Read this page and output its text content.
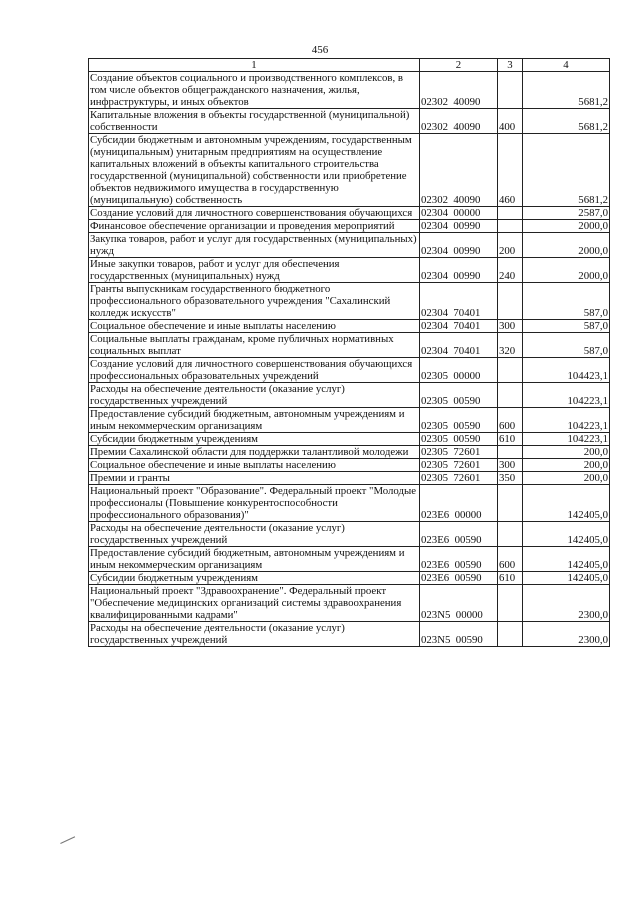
456
1	2	3	4
Создание объектов социального и производственного комплексов, в том числе объектов общегражданского назначения, жилья, инфраструктуры, и иных объектов	02302  40090		5681,2
Капитальные вложения в объекты государственной (муниципальной) собственности	02302  40090	400	5681,2
Субсидии бюджетным и автономным учреждениям, государственным (муниципальным) унитарным предприятиям на осуществление капитальных вложений в объекты капитального строительства государственной (муниципальной) собственности или приобретение объектов недвижимого имущества в государственную (муниципальную) собственность	02302  40090	460	5681,2
Создание условий для личностного совершенствования обучающихся	02304  00000		2587,0
Финансовое обеспечение организации и проведения мероприятий	02304  00990		2000,0
Закупка товаров, работ и услуг для государственных (муниципальных) нужд	02304  00990	200	2000,0
Иные закупки товаров, работ и услуг для обеспечения государственных (муниципальных) нужд	02304  00990	240	2000,0
Гранты выпускникам государственного бюджетного профессионального образовательного учреждения "Сахалинский колледж искусств"	02304  70401		587,0
Социальное обеспечение и иные выплаты населению	02304  70401	300	587,0
Социальные выплаты гражданам, кроме публичных нормативных социальных выплат	02304  70401	320	587,0
Создание условий для личностного совершенствования обучающихся профессиональных образовательных учреждений	02305  00000		104423,1
Расходы на обеспечение деятельности (оказание услуг) государственных учреждений	02305  00590		104223,1
Предоставление субсидий бюджетным, автономным учреждениям и иным некоммерческим организациям	02305  00590	600	104223,1
Субсидии бюджетным учреждениям	02305  00590	610	104223,1
Премии Сахалинской области для поддержки талантливой молодежи	02305  72601		200,0
Социальное обеспечение и иные выплаты населению	02305  72601	300	200,0
Премии и гранты	02305  72601	350	200,0
Национальный проект "Образование". Федеральный проект "Молодые профессионалы (Повышение конкурентоспособности профессионального образования)"	023E6  00000		142405,0
Расходы на обеспечение деятельности (оказание услуг) государственных учреждений	023E6  00590		142405,0
Предоставление субсидий бюджетным, автономным учреждениям и иным некоммерческим организациям	023E6  00590	600	142405,0
Субсидии бюджетным учреждениям	023E6  00590	610	142405,0
Национальный проект "Здравоохранение". Федеральный проект "Обеспечение медицинских организаций системы здравоохранения квалифицированными кадрами"	023N5  00000		2300,0
Расходы на обеспечение деятельности (оказание услуг) государственных учреждений	023N5  00590		2300,0
